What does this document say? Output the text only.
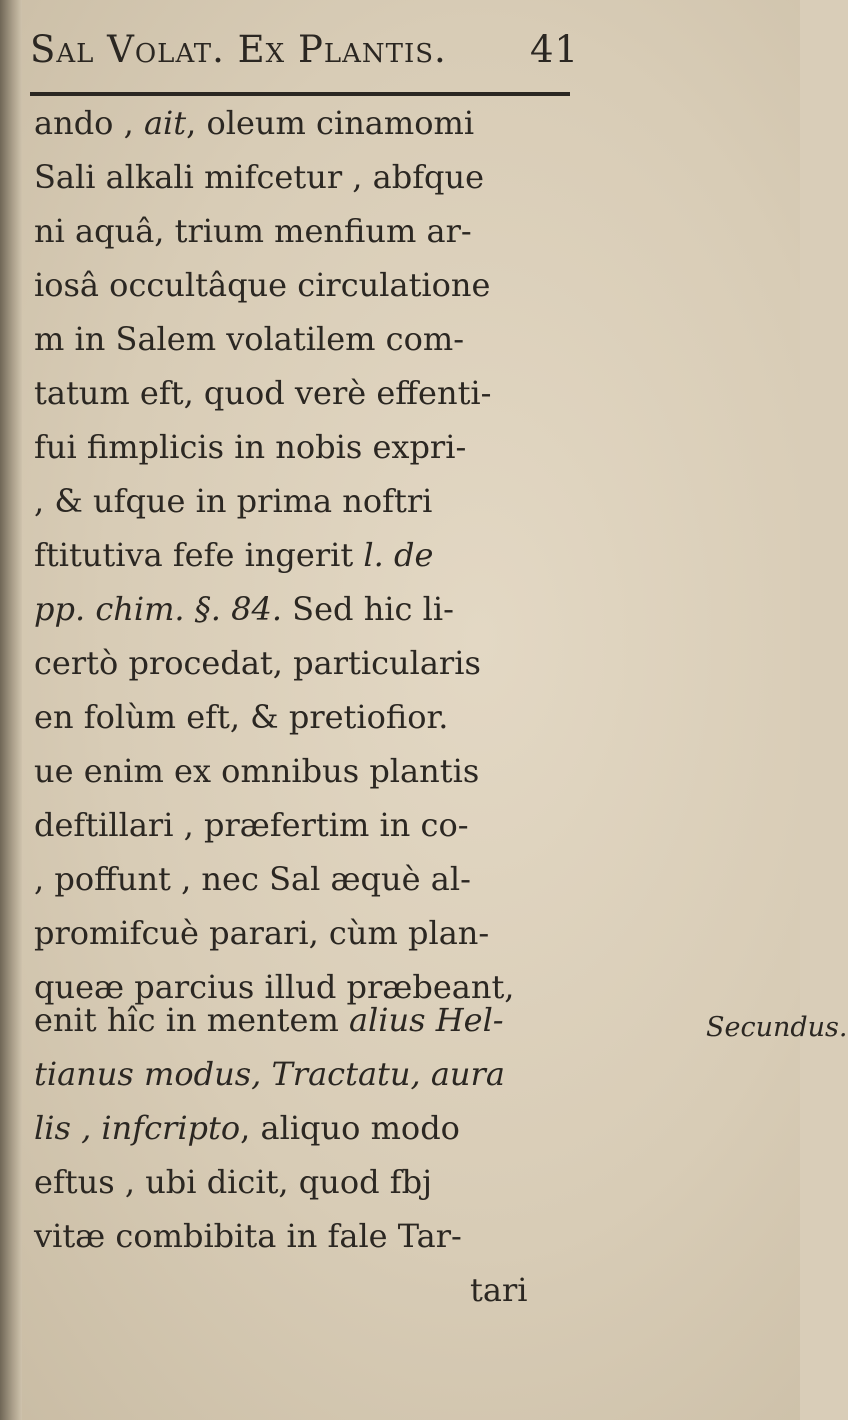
Sal Volat. Ex Plantis. 41
ando , ait, oleum cinamomi
Sali alkali mifcetur , abfque
ni aquâ, trium menfium ar-
iosâ occultâque circulatione
m in Salem volatilem com-
tatum eft, quod verè effenti-
fui fimplicis in nobis expri-
, & ufque in prima noftri
ftitutiva fefe ingerit l. de
pp. chim. §. 84. Sed hic li-
certò procedat, particularis
en folùm eft, & pretiofior.
ue enim ex omnibus plantis
deftillari , præfertim in co-
, poffunt , nec Sal æquè al-
promifcuè parari, cùm plan-
queæ parcius illud præbeant,
enit hîc in mentem alius Hel-
tianus modus, Tractatu, aura
lis , infcripto, aliquo modo
eftus , ubi dicit, quod fbj
vitæ combibita in fale Tar-
tari
Secundus.
